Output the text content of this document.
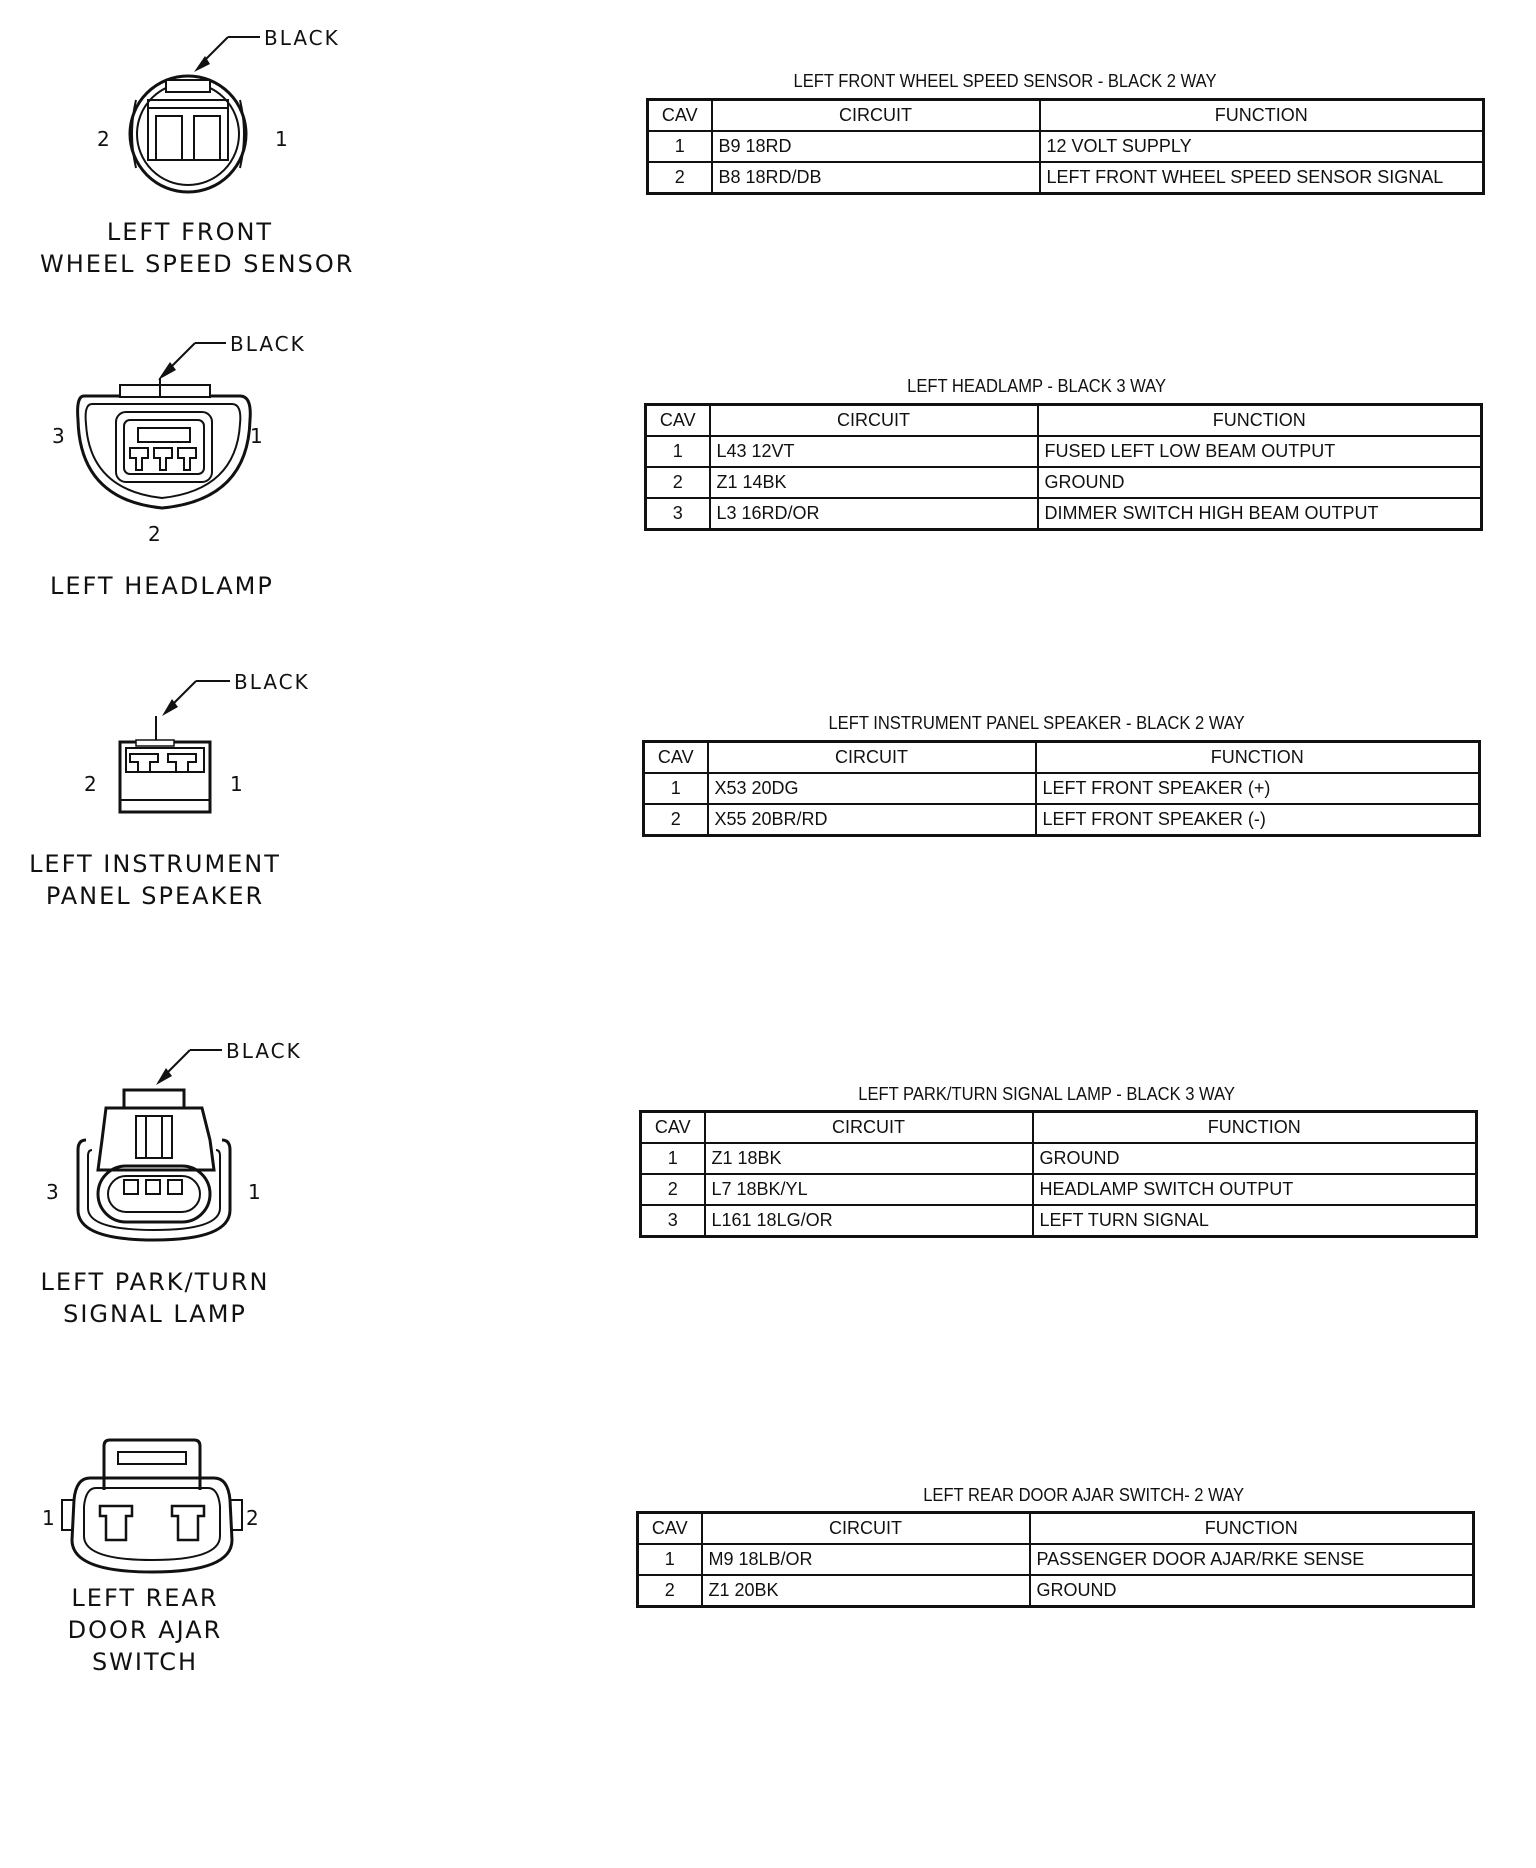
BLACK
2	1
LEFT FRONT
WHEEL SPEED SENSOR
LEFT FRONT WHEEL SPEED SENSOR - BLACK 2 WAY
CAV	CIRCUIT	FUNCTION
1	B9 18RD	12 VOLT SUPPLY
2	B8 18RD/DB	LEFT FRONT WHEEL SPEED SENSOR SIGNAL
BLACK
3	1
2
LEFT HEADLAMP
LEFT HEADLAMP - BLACK 3 WAY
CAV	CIRCUIT	FUNCTION
1	L43 12VT	FUSED LEFT LOW BEAM OUTPUT
2	Z1 14BK	GROUND
3	L3 16RD/OR	DIMMER SWITCH HIGH BEAM OUTPUT
BLACK
2	1
LEFT INSTRUMENT
PANEL SPEAKER
LEFT INSTRUMENT PANEL SPEAKER - BLACK 2 WAY
CAV	CIRCUIT	FUNCTION
1	X53 20DG	LEFT FRONT SPEAKER (+)
2	X55 20BR/RD	LEFT FRONT SPEAKER (-)
BLACK
3	1
LEFT PARK/TURN
SIGNAL LAMP
LEFT PARK/TURN SIGNAL LAMP - BLACK 3 WAY
CAV	CIRCUIT	FUNCTION
1	Z1 18BK	GROUND
2	L7 18BK/YL	HEADLAMP SWITCH OUTPUT
3	L161 18LG/OR	LEFT TURN SIGNAL
1	2
LEFT REAR
DOOR AJAR
SWITCH
LEFT REAR DOOR AJAR SWITCH- 2 WAY
CAV	CIRCUIT	FUNCTION
1	M9 18LB/OR	PASSENGER DOOR AJAR/RKE SENSE
2	Z1 20BK	GROUND
